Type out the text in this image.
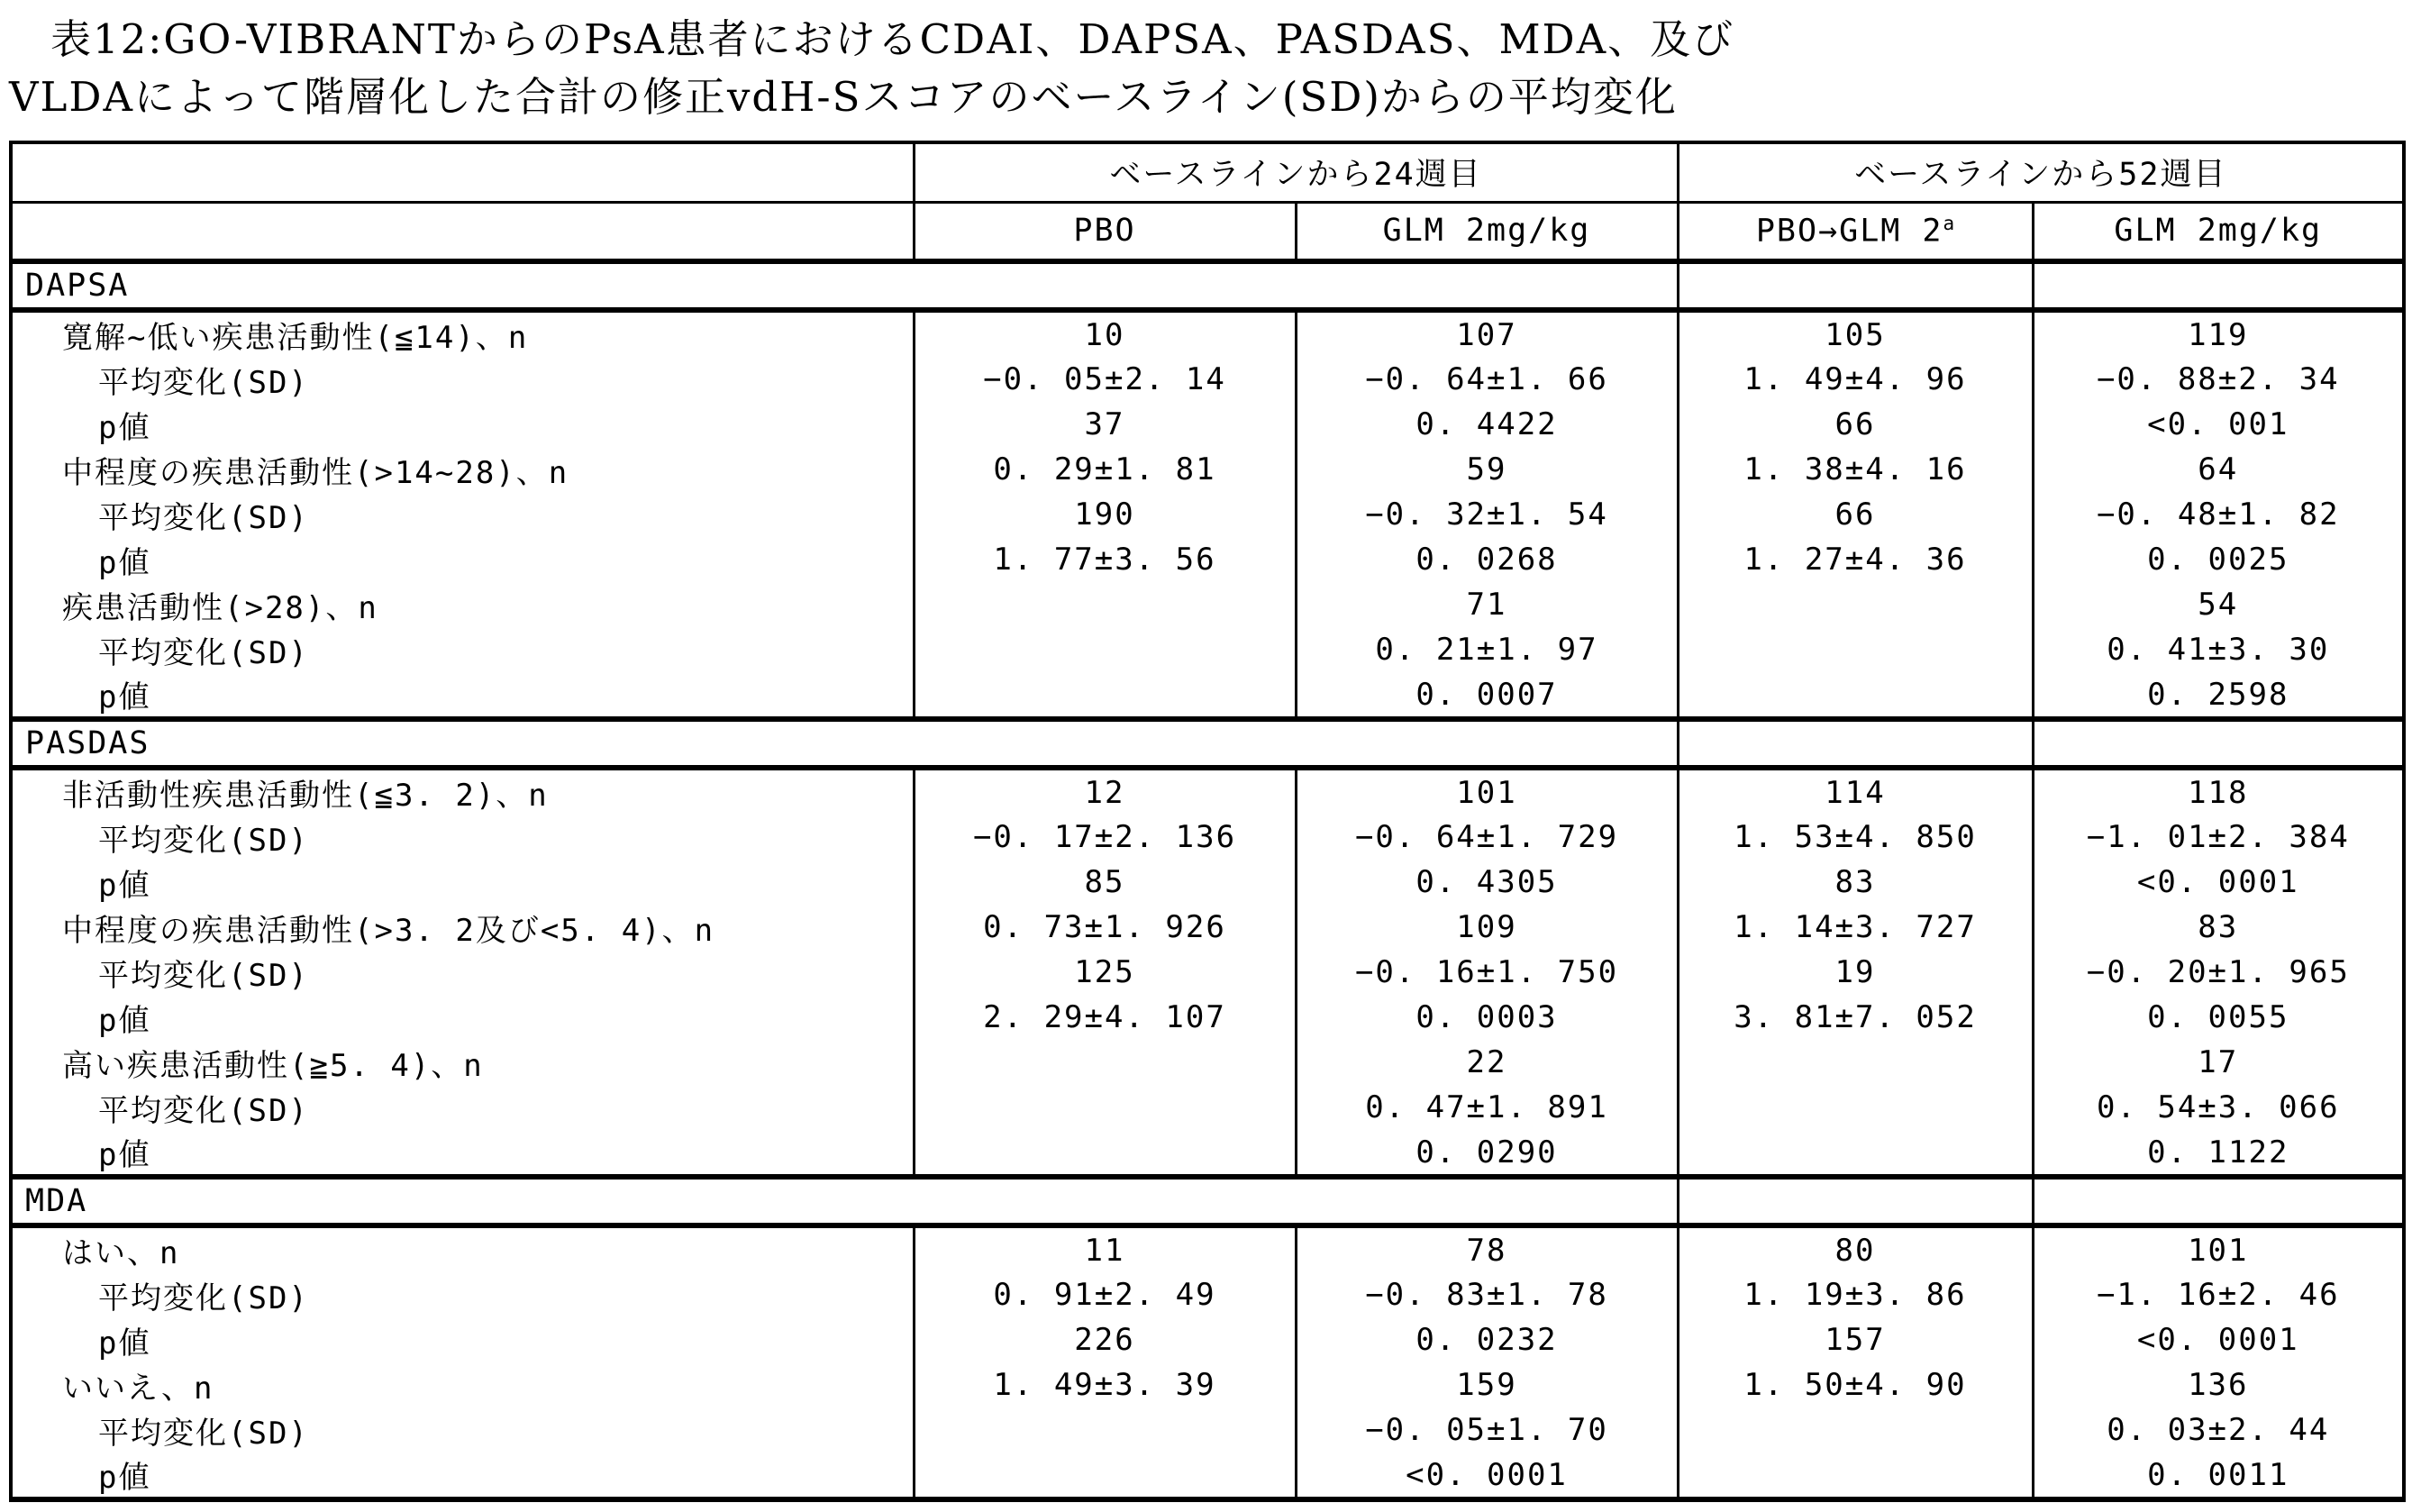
表12:GO-VIBRANTからのPsA患者におけるCDAI、DAPSA、PASDAS、MDA、及び
VLDAによって階層化した合計の修正vdH-Sスコアのベースライン(SD)からの平均変化
	ベースラインから24週目		ベースラインから52週目	
	PBO	GLM 2mg/kg	PBO→GLM 2$^a$	GLM 2mg/kg
DAPSA				
寛解~低い疾患活動性(≦14)、n	10	107	105	119
平均変化(SD)	−0. 05±2. 14	−0. 64±1. 66	1. 49±4. 96	−0. 88±2. 34
p値	37	0. 4422	66	<0. 001
中程度の疾患活動性(>14~28)、n	0. 29±1. 81	59	1. 38±4. 16	64
平均変化(SD)	190	−0. 32±1. 54	66	−0. 48±1. 82
p値	1. 77±3. 56	0. 0268	1. 27±4. 36	0. 0025
疾患活動性(>28)、n		71		54
平均変化(SD)		0. 21±1. 97		0. 41±3. 30
p値		0. 0007		0. 2598
PASDAS				
非活動性疾患活動性(≦3. 2)、n	12	101	114	118
平均変化(SD)	−0. 17±2. 136	−0. 64±1. 729	1. 53±4. 850	−1. 01±2. 384
p値	85	0. 4305	83	<0. 0001
中程度の疾患活動性(>3. 2及び<5. 4)、n	0. 73±1. 926	109	1. 14±3. 727	83
平均変化(SD)	125	−0. 16±1. 750	19	−0. 20±1. 965
p値	2. 29±4. 107	0. 0003	3. 81±7. 052	0. 0055
高い疾患活動性(≧5. 4)、n		22		17
平均変化(SD)		0. 47±1. 891		0. 54±3. 066
p値		0. 0290		0. 1122
MDA				
はい、n	11	78	80	101
平均変化(SD)	0. 91±2. 49	−0. 83±1. 78	1. 19±3. 86	−1. 16±2. 46
p値	226	0. 0232	157	<0. 0001
いいえ、n	1. 49±3. 39	159	1. 50±4. 90	136
平均変化(SD)		−0. 05±1. 70		0. 03±2. 44
p値		<0. 0001		0. 0011
